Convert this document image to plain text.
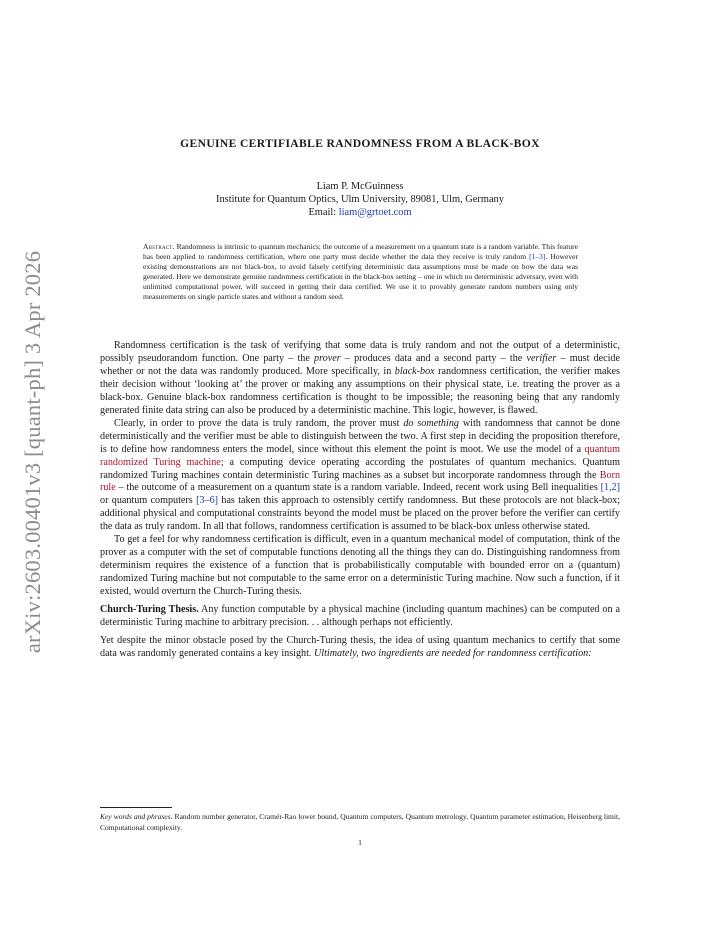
arXiv:2603.00401v3 [quant-ph] 3 Apr 2026
GENUINE CERTIFIABLE RANDOMNESS FROM A BLACK-BOX
Liam P. McGuinness
Institute for Quantum Optics, Ulm University, 89081, Ulm, Germany
Email: liam@grtoet.com
Abstract. Randomness is intrinsic to quantum mechanics; the outcome of a measurement on a quantum state is a random variable. This feature has been applied to randomness certification, where one party must decide whether the data they receive is truly random [1–3]. However existing demonstrations are not black-box, to avoid falsely certifying deterministic data assumptions must be made on how the data was generated. Here we demonstrate genuine randomness certification in the black-box setting – one in which no deterministic adversary, even with unlimited computational power, will succeed in getting their data certified. We use it to provably generate random numbers using only measurements on single particle states and without a random seed.

Randomness certification is the task of verifying that some data is truly random and not the output of a deterministic, possibly pseudorandom function. One party – the prover – produces data and a second party – the verifier – must decide whether or not the data was randomly produced. More specifically, in black-box randomness certification, the verifier makes their decision without ‘looking at’ the prover or making any assumptions on their physical state, i.e. treating the prover as a black-box. Genuine black-box randomness certification is thought to be impossible; the reasoning being that any randomly generated finite data string can also be produced by a deterministic machine. This logic, however, is flawed.

Clearly, in order to prove the data is truly random, the prover must do something with randomness that cannot be done deterministically and the verifier must be able to distinguish between the two. A first step in deciding the proposition therefore, is to define how randomness enters the model, since without this element the point is moot. We use the model of a quantum randomized Turing machine; a computing device operating according the postulates of quantum mechanics. Quantum randomized Turing machines contain deterministic Turing machines as a subset but incorporate randomness through the Born rule – the outcome of a measurement on a quantum state is a random variable. Indeed, recent work using Bell inequalities [1,2] or quantum computers [3–6] has taken this approach to ostensibly certify randomness. But these protocols are not black-box; additional physical and computational constraints beyond the model must be placed on the prover before the verifier can certify the data as truly random. In all that follows, randomness certification is assumed to be black-box unless otherwise stated.

To get a feel for why randomness certification is difficult, even in a quantum mechanical model of computation, think of the prover as a computer with the set of computable functions denoting all the things they can do. Distinguishing randomness from determinism requires the existence of a function that is probabilistically computable with bounded error on a (quantum) randomized Turing machine but not computable to the same error on a deterministic Turing machine. Now such a function, if it existed, would overturn the Church-Turing thesis.

Church-Turing Thesis. Any function computable by a physical machine (including quantum machines) can be computed on a deterministic Turing machine to arbitrary precision. . . although perhaps not efficiently.

Yet despite the minor obstacle posed by the Church-Turing thesis, the idea of using quantum mechanics to certify that some data was randomly generated contains a key insight. Ultimately, two ingredients are needed for randomness certification:

Key words and phrases. Random number generator, Cramér-Rao lower bound, Quantum computers, Quantum metrology, Quantum parameter estimation, Heisenberg limit, Computational complexity.
1
